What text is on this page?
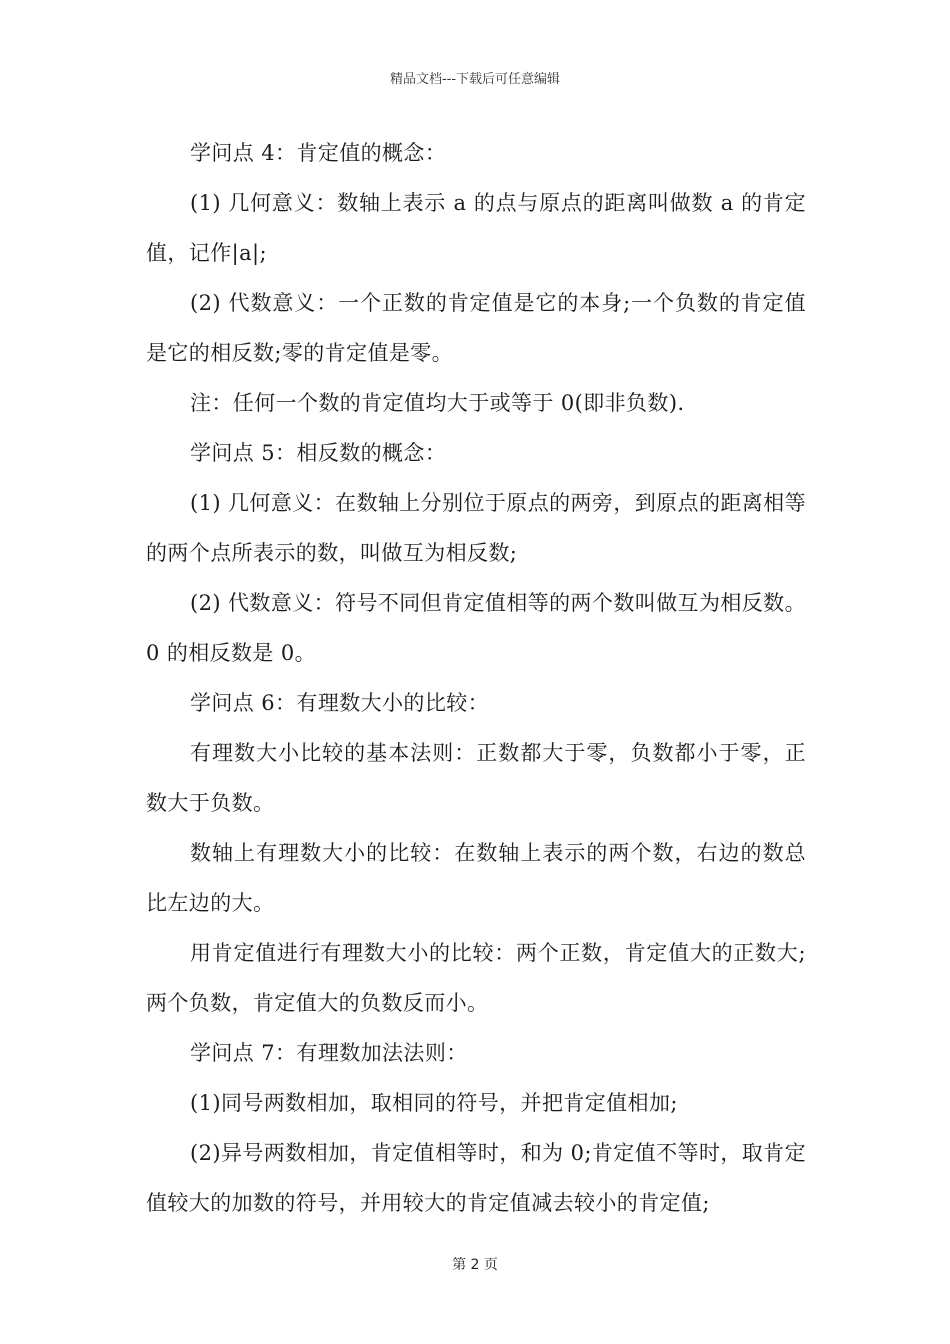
精品文档---下载后可任意编辑

学问点 4：肯定值的概念：

(1) 几何意义：数轴上表示 a 的点与原点的距离叫做数 a 的肯定值，记作|a|;

(2) 代数意义：一个正数的肯定值是它的本身;一个负数的肯定值是它的相反数;零的肯定值是零。

注：任何一个数的肯定值均大于或等于 0(即非负数).

学问点 5：相反数的概念：

(1) 几何意义：在数轴上分别位于原点的两旁，到原点的距离相等的两个点所表示的数，叫做互为相反数;

(2) 代数意义：符号不同但肯定值相等的两个数叫做互为相反数。0 的相反数是 0。

学问点 6：有理数大小的比较：

有理数大小比较的基本法则：正数都大于零，负数都小于零，正数大于负数。

数轴上有理数大小的比较：在数轴上表示的两个数，右边的数总比左边的大。

用肯定值进行有理数大小的比较：两个正数，肯定值大的正数大;两个负数，肯定值大的负数反而小。

学问点 7：有理数加法法则：

(1)同号两数相加，取相同的符号，并把肯定值相加;

(2)异号两数相加，肯定值相等时，和为 0;肯定值不等时，取肯定值较大的加数的符号，并用较大的肯定值减去较小的肯定值;

第 2 页
